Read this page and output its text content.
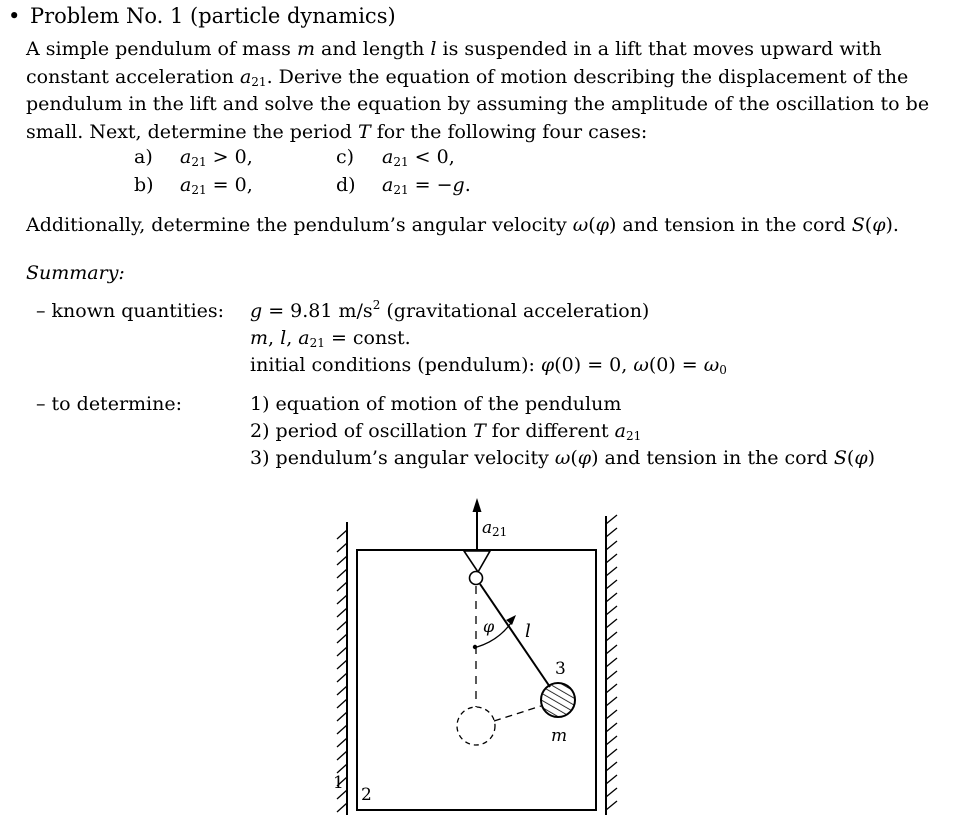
• Problem No. 1 (particle dynamics)
A simple pendulum of mass m and length l is suspended in a lift that moves upward with
constant acceleration $a_{21}$. Derive the equation of motion describing the displacement of the
pendulum in the lift and solve the equation by assuming the amplitude of the oscillation to be
small. Next, determine the period T for the following four cases:
a) $a_{21} > 0$,
b) $a_{21} = 0$,
c) $a_{21} < 0$,
d) $a_{21} = -g$.
Additionally, determine the pendulum’s angular velocity ω(φ) and tension in the cord S(φ).
Summary:
– known quantities: g = 9.81 $m/s^2$ (gravitational acceleration)
m, l, $a_{21}$ = const.
initial conditions (pendulum): φ(0) = 0, $\omega(0) = \omega_0$
– to determine:	1) equation of motion of the pendulum
2) period of oscillation T for different $a_{21}$
3) pendulum’s angular velocity ω(φ) and tension in the cord S(φ)
a 21
φ l
3
m
1
2
